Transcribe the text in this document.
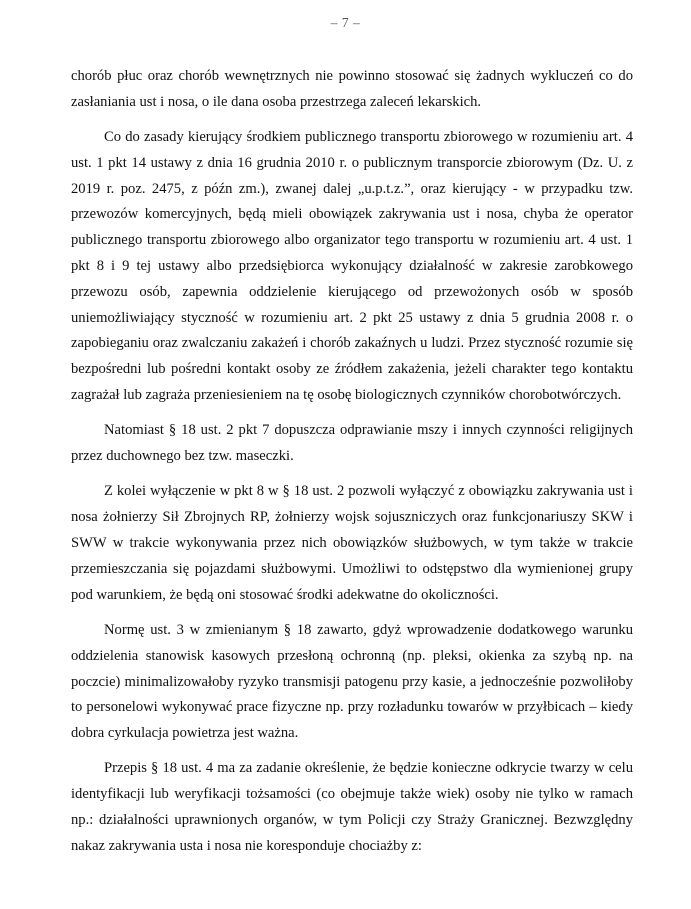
– 7 –

chorób płuc oraz chorób wewnętrznych nie powinno stosować się żadnych wykluczeń co do zasłaniania ust i nosa, o ile dana osoba przestrzega zaleceń lekarskich.

Co do zasady kierujący środkiem publicznego transportu zbiorowego w rozumieniu art. 4 ust. 1 pkt 14 ustawy z dnia 16 grudnia 2010 r. o publicznym transporcie zbiorowym (Dz. U. z 2019 r. poz. 2475, z późn zm.), zwanej dalej „u.p.t.z.”, oraz kierujący - w przypadku tzw. przewozów komercyjnych, będą mieli obowiązek zakrywania ust i nosa, chyba że operator publicznego transportu zbiorowego albo organizator tego transportu w rozumieniu art. 4 ust. 1 pkt 8 i 9 tej ustawy albo przedsiębiorca wykonujący działalność w zakresie zarobkowego przewozu osób, zapewnia oddzielenie kierującego od przewożonych osób w sposób uniemożliwiający styczność w rozumieniu art. 2 pkt 25 ustawy z dnia 5 grudnia 2008 r. o zapobieganiu oraz zwalczaniu zakażeń i chorób zakaźnych u ludzi. Przez styczność rozumie się bezpośredni lub pośredni kontakt osoby ze źródłem zakażenia, jeżeli charakter tego kontaktu zagrażał lub zagraża przeniesieniem na tę osobę biologicznych czynników chorobotwórczych.

Natomiast § 18 ust. 2 pkt 7 dopuszcza odprawianie mszy i innych czynności religijnych przez duchownego bez tzw. maseczki.

Z kolei wyłączenie w pkt 8 w § 18 ust. 2 pozwoli wyłączyć z obowiązku zakrywania ust i nosa żołnierzy Sił Zbrojnych RP, żołnierzy wojsk sojuszniczych oraz funkcjonariuszy SKW i SWW w trakcie wykonywania przez nich obowiązków służbowych, w tym także w trakcie przemieszczania się pojazdami służbowymi. Umożliwi to odstępstwo dla wymienionej grupy pod warunkiem, że będą oni stosować środki adekwatne do okoliczności.

Normę ust. 3 w zmienianym § 18 zawarto, gdyż wprowadzenie dodatkowego warunku oddzielenia stanowisk kasowych przesłoną ochronną (np. pleksi, okienka za szybą np. na poczcie) minimalizowałoby ryzyko transmisji patogenu przy kasie, a jednocześnie pozwoliłoby to personelowi wykonywać prace fizyczne np. przy rozładunku towarów w przyłbicach – kiedy dobra cyrkulacja powietrza jest ważna.

Przepis § 18 ust. 4 ma za zadanie określenie, że będzie konieczne odkrycie twarzy w celu identyfikacji lub weryfikacji tożsamości (co obejmuje także wiek) osoby nie tylko w ramach np.: działalności uprawnionych organów, w tym Policji czy Straży Granicznej. Bezwzględny nakaz zakrywania usta i nosa nie koresponduje chociażby z:
